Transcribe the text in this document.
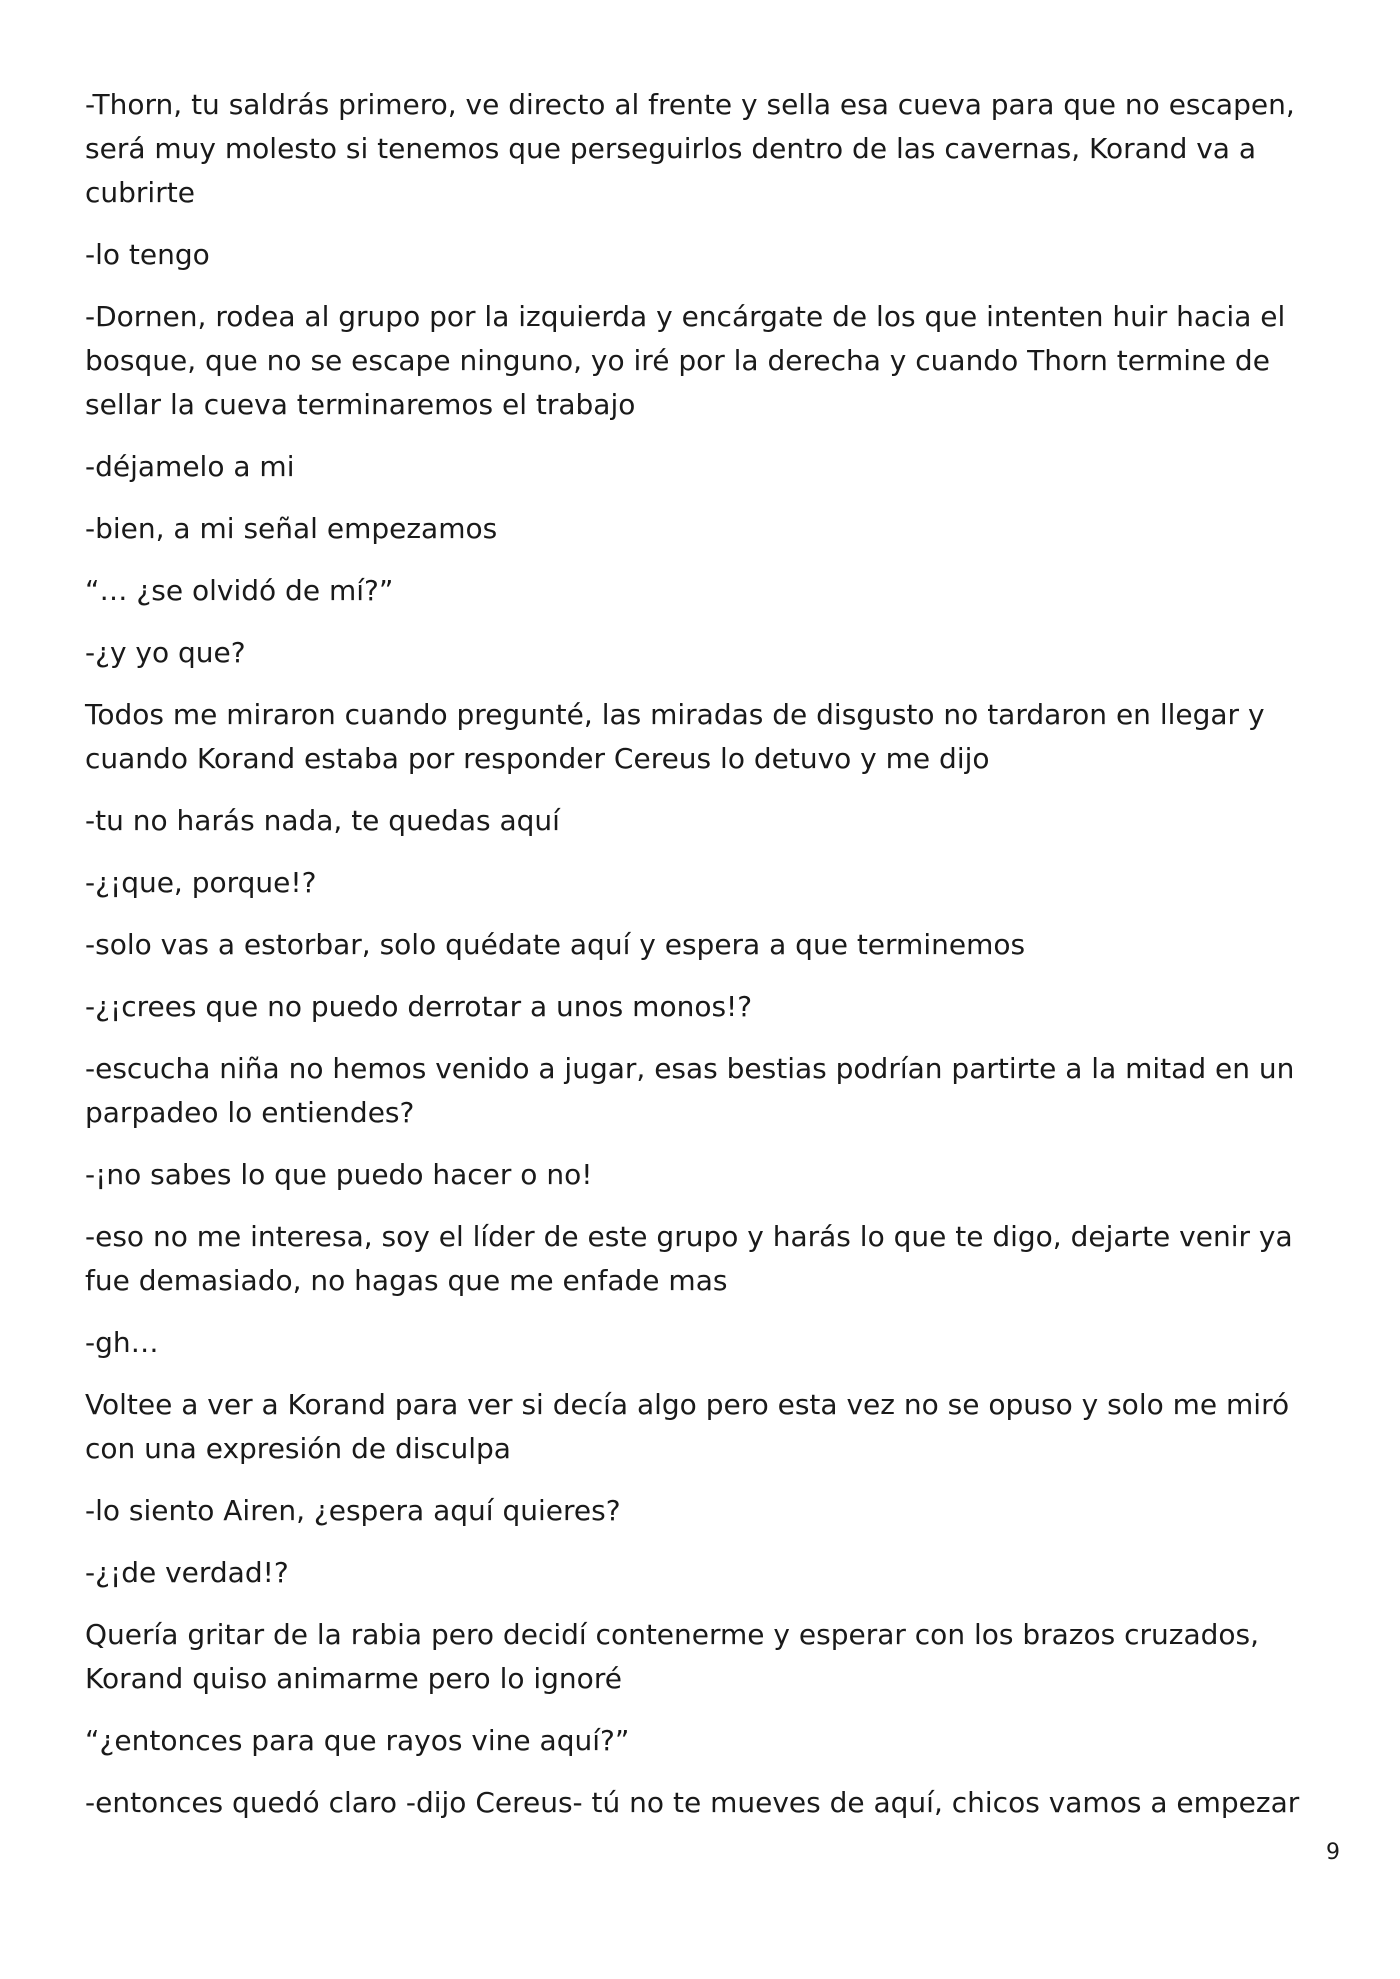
-Thorn, tu saldrás primero, ve directo al frente y sella esa cueva para que no escapen, será muy molesto si tenemos que perseguirlos dentro de las cavernas, Korand va a cubrirte

-lo tengo

-Dornen, rodea al grupo por la izquierda y encárgate de los que intenten huir hacia el bosque, que no se escape ninguno, yo iré por la derecha y cuando Thorn termine de sellar la cueva terminaremos el trabajo

-déjamelo a mi

-bien, a mi señal empezamos

“… ¿se olvidó de mí?”

-¿y yo que?

Todos me miraron cuando pregunté, las miradas de disgusto no tardaron en llegar y cuando Korand estaba por responder Cereus lo detuvo y me dijo

-tu no harás nada, te quedas aquí

-¿¡que, porque!?

-solo vas a estorbar, solo quédate aquí y espera a que terminemos

-¿¡crees que no puedo derrotar a unos monos!?

-escucha niña no hemos venido a jugar, esas bestias podrían partirte a la mitad en un parpadeo lo entiendes?

-¡no sabes lo que puedo hacer o no!

-eso no me interesa, soy el líder de este grupo y harás lo que te digo, dejarte venir ya fue demasiado, no hagas que me enfade mas

-gh…

Voltee a ver a Korand para ver si decía algo pero esta vez no se opuso y solo me miró con una expresión de disculpa

-lo siento Airen, ¿espera aquí quieres?

-¿¡de verdad!?

Quería gritar de la rabia pero decidí contenerme y esperar con los brazos cruzados, Korand quiso animarme pero lo ignoré

“¿entonces para que rayos vine aquí?”

-entonces quedó claro -dijo Cereus- tú no te mueves de aquí, chicos vamos a empezar

9
